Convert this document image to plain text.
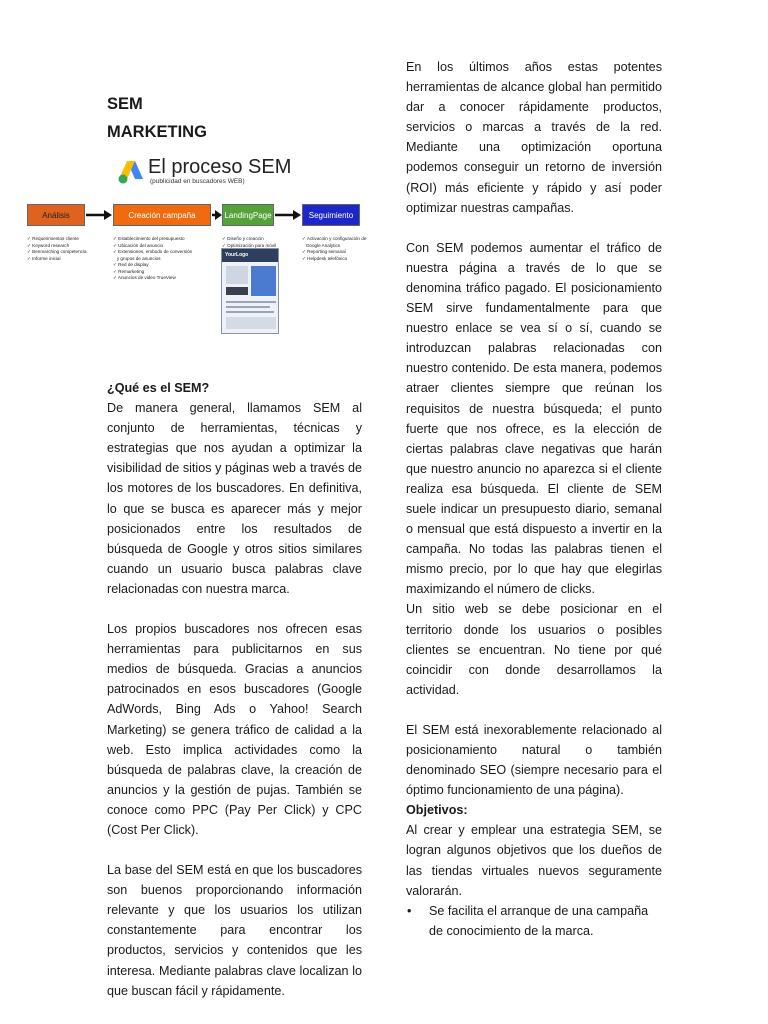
SEM
MARKETING

¿Qué es el SEM?

De manera general, llamamos SEM al conjunto de herramientas, técnicas y estrategias que nos ayudan a optimizar la visibilidad de sitios y páginas web a través de los motores de los buscadores. En definitiva, lo que se busca es aparecer más y mejor posicionados entre los resultados de búsqueda de Google y otros sitios similares cuando un usuario busca palabras clave relacionadas con nuestra marca.

Los propios buscadores nos ofrecen esas herramientas para publicitarnos en sus medios de búsqueda. Gracias a anuncios patrocinados en esos buscadores (Google AdWords, Bing Ads o Yahoo! Search Marketing) se genera tráfico de calidad a la web. Esto implica actividades como la búsqueda de palabras clave, la creación de anuncios y la gestión de pujas. También se conoce como PPC (Pay Per Click) y CPC (Cost Per Click).

La base del SEM está en que los buscadores son buenos proporcionando información relevante y que los usuarios los utilizan constantemente para encontrar los productos, servicios y contenidos que les interesa. Mediante palabras clave localizan lo que buscan fácil y rápidamente.

El proceso SEM
(publicidad en buscadores WEB)
Análisis	Creación campaña	LandingPage	Seguimiento
✓ Requerimientos cliente
✓ Keyword research
✓ Benmarching competencia
✓ Informe inicial
✓ Establecimiento del presupuesto
✓ Ubicación del anuncio
✓ Extensiones, embudo de conversión
y grupos de anuncios
✓ Red de display
✓ Remarketing
✓ Anuncios de video TrueView
✓ Diseño y creación
✓ Optimización para móvil
✓ Activación y configuración de
Google Analytics
✓ Reporting semanal
✓ Helpdesk telefónico
YourLogo

En los últimos años estas potentes herramientas de alcance global han permitido dar a conocer rápidamente productos, servicios o marcas a través de la red. Mediante una optimización oportuna podemos conseguir un retorno de inversión (ROI) más eficiente y rápido y así poder optimizar nuestras campañas.

Con SEM podemos aumentar el tráfico de nuestra página a través de lo que se denomina tráfico pagado. El posicionamiento SEM sirve fundamentalmente para que nuestro enlace se vea sí o sí, cuando se introduzcan palabras relacionadas con nuestro contenido. De esta manera, podemos atraer clientes siempre que reúnan los requisitos de nuestra búsqueda; el punto fuerte que nos ofrece, es la elección de ciertas palabras clave negativas que harán que nuestro anuncio no aparezca si el cliente realiza esa búsqueda. El cliente de SEM suele indicar un presupuesto diario, semanal o mensual que está dispuesto a invertir en la campaña. No todas las palabras tienen el mismo precio, por lo que hay que elegirlas maximizando el número de clicks.

Un sitio web se debe posicionar en el territorio donde los usuarios o posibles clientes se encuentran. No tiene por qué coincidir con donde desarrollamos la actividad.

El SEM está inexorablemente relacionado al posicionamiento natural o también denominado SEO (siempre necesario para el óptimo funcionamiento de una página).

Objetivos:

Al crear y emplear una estrategia SEM, se logran algunos objetivos que los dueños de las tiendas virtuales nuevos seguramente valorarán.

•	Se facilita el arranque de una campaña de conocimiento de la marca.
